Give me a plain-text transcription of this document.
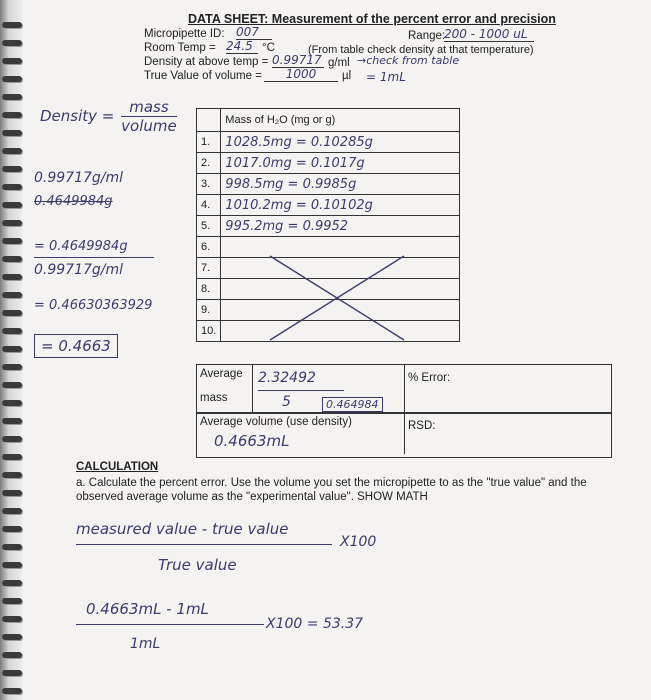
DATA SHEET: Measurement of the percent error and precision
Micropipette ID: 007	Range:
200 - 1000 uL
Room Temp = 24.5 °C	(From table check density at that temperature)
Density at above temp = 0.99717 g/ml →check from table
True Value of volume =	1000	µl = 1mL
Density = mass
volume
0.99717g/ml
0.4649984g
= 0.4649984g
0.99717g/ml
= 0.46630363929
= 0.4663
	Mass of H₂O (mg or g)
1.	1028.5mg = 0.10285g
2.	1017.0mg = 0.1017g
3.	998.5mg = 0.9985g
4.	1010.2mg = 0.10102g
5.	995.2mg = 0.9952
6.	
7.	
8.	
9.	
10.	
Average
mass
2.32492
5	0.464984
% Error:
Average volume (use density)
0.4663mL
RSD:
CALCULATION
a. Calculate the percent error. Use the volume you set the micropipette to as the "true value" and the observed average volume as the "experimental value". SHOW MATH
measured value - true value
X100
True value
0.4663mL - 1mL
X100 = 53.37
1mL
